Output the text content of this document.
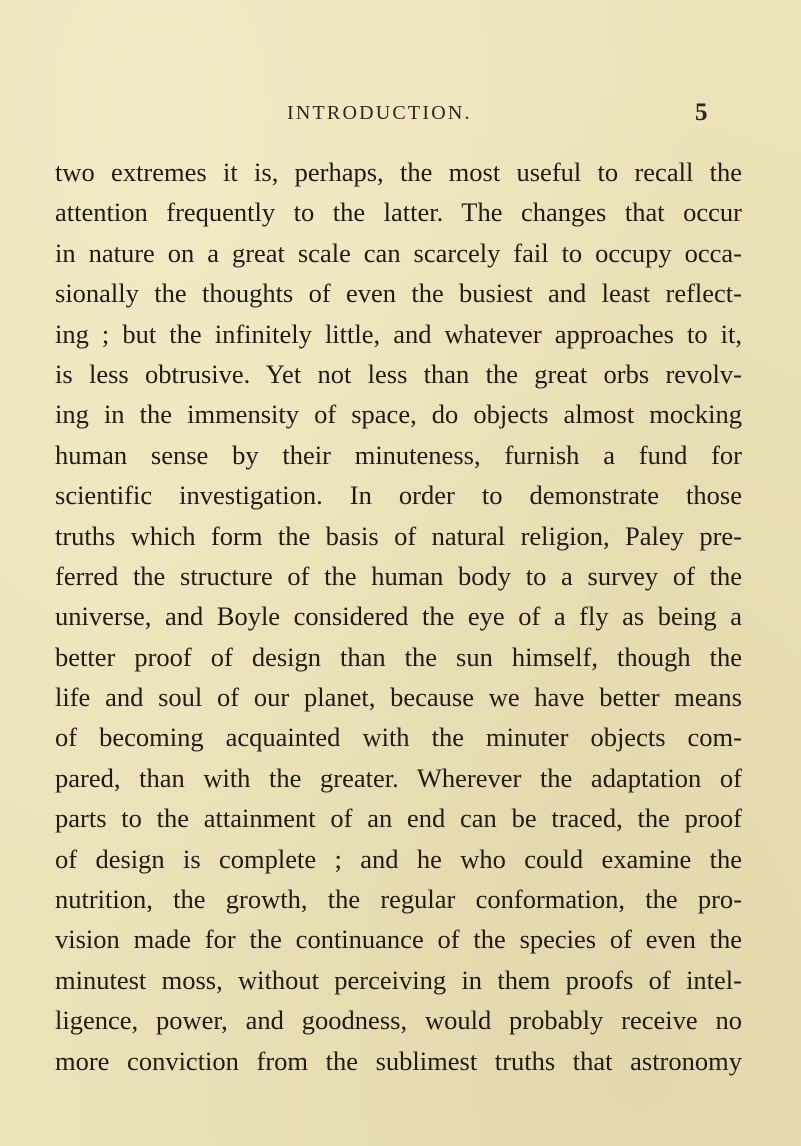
INTRODUCTION.	5
two extremes it is, perhaps, the most useful to recall the
attention frequently to the latter. The changes that occur
in nature on a great scale can scarcely fail to occupy occa-
sionally the thoughts of even the busiest and least reflect-
ing ; but the infinitely little, and whatever approaches to it,
is less obtrusive. Yet not less than the great orbs revolv-
ing in the immensity of space, do objects almost mocking
human sense by their minuteness, furnish a fund for
scientific investigation. In order to demonstrate those
truths which form the basis of natural religion, Paley pre-
ferred the structure of the human body to a survey of the
universe, and Boyle considered the eye of a fly as being a
better proof of design than the sun himself, though the
life and soul of our planet, because we have better means
of becoming acquainted with the minuter objects com-
pared, than with the greater. Wherever the adaptation of
parts to the attainment of an end can be traced, the proof
of design is complete ; and he who could examine the
nutrition, the growth, the regular conformation, the pro-
vision made for the continuance of the species of even the
minutest moss, without perceiving in them proofs of intel-
ligence, power, and goodness, would probably receive no
more conviction from the sublimest truths that astronomy
